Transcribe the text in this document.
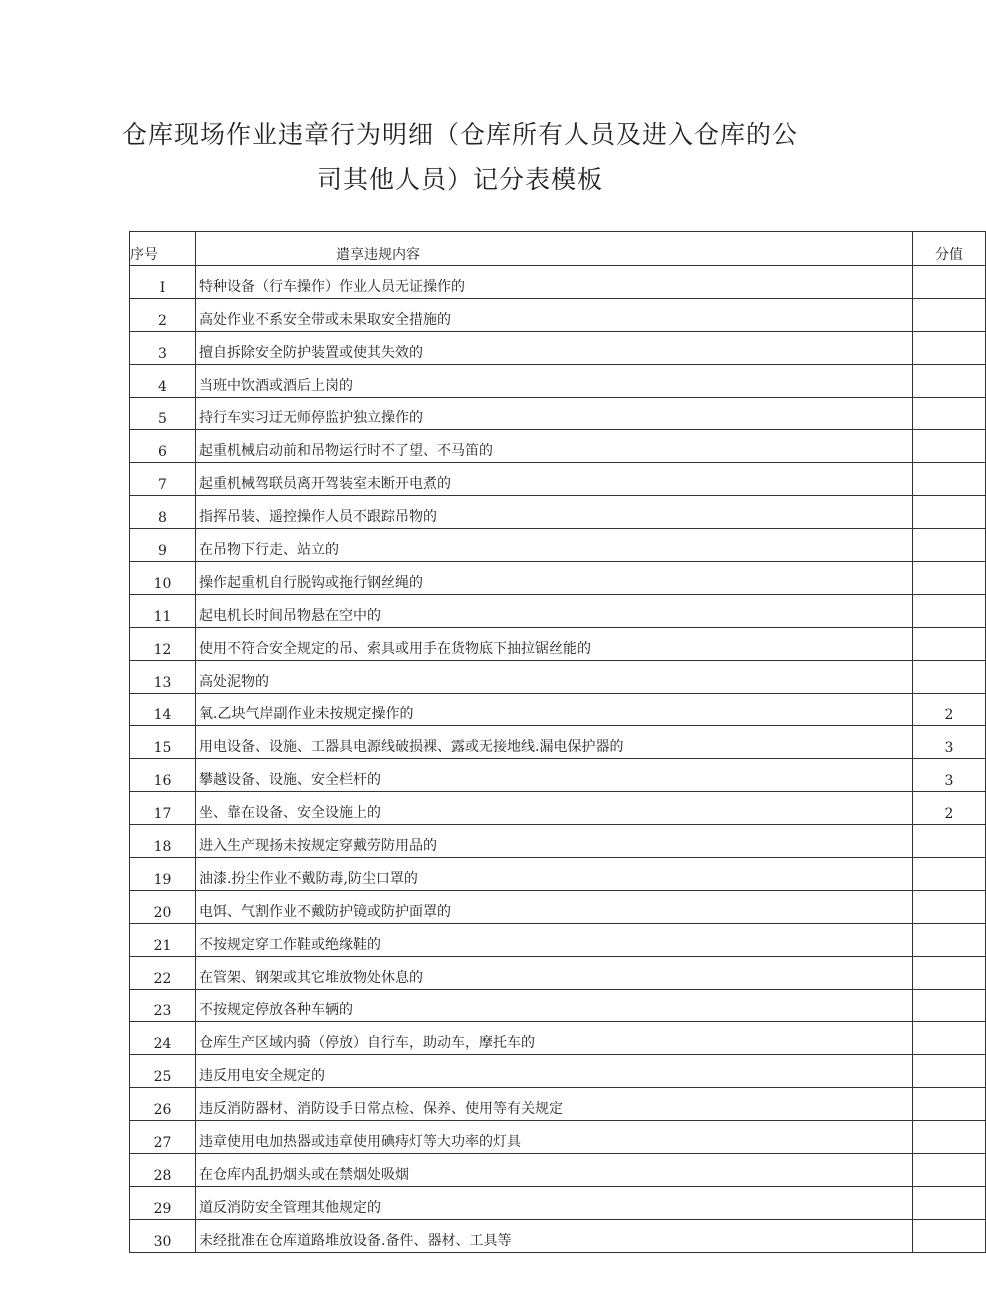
仓库现场作业违章行为明细（仓库所有人员及进入仓库的公
司其他人员）记分表模板
序号	遣享违规内容	分值
I	特种设备（行车操作）作业人员无证操作的	
2	高处作业不系安全带或未果取安全措施的	
3	擅自拆除安全防护装置或使其失效的	
4	当班中饮酒或酒后上岗的	
5	持行车实习迂无师停监护独立操作的	
6	起重机械启动前和吊物运行时不了望、不马笛的	
7	起重机械驾联员离开驾装室未断开电煮的	
8	指挥吊装、遥控操作人员不跟踪吊物的	
9	在吊物下行走、站立的	
10	操作起重机自行脱钩或拖行钢丝绳的	
11	起电机长时间吊物悬在空中的	
12	使用不符合安全规定的吊、索具或用手在货物底下抽拉锯丝能的	
13	高处泥物的	
14	氧.乙块气岸副作业未按规定操作的	2
15	用电设备、设施、工器具电源线破损裸、露或无接地线.漏电保护器的	3
16	攀越设备、设施、安全栏杆的	3
17	坐、靠在设备、安全设施上的	2
18	进入生产现扬未按规定穿戴劳防用品的	
19	油漆.扮尘作业不戴防毒,防尘口罩的	
20	电饵、气割作业不戴防护镜或防护面罩的	
21	不按规定穿工作鞋或绝缘鞋的	
22	在管架、钢架或其它堆放物处休息的	
23	不按规定停放各种车辆的	
24	仓库生产区域内骑（停放）自行车，助动车，摩托车的	
25	违反用电安全规定的	
26	违反消防器材、消防设手日常点检、保养、使用等有关规定	
27	违章使用电加热器或违章使用碘痔灯等大功率的灯具	
28	在仓库内乱扔烟头或在禁烟处吸烟	
29	道反消防安全管理其他规定的	
30	未经批准在仓库道路堆放设备.备件、器材、工具等	
